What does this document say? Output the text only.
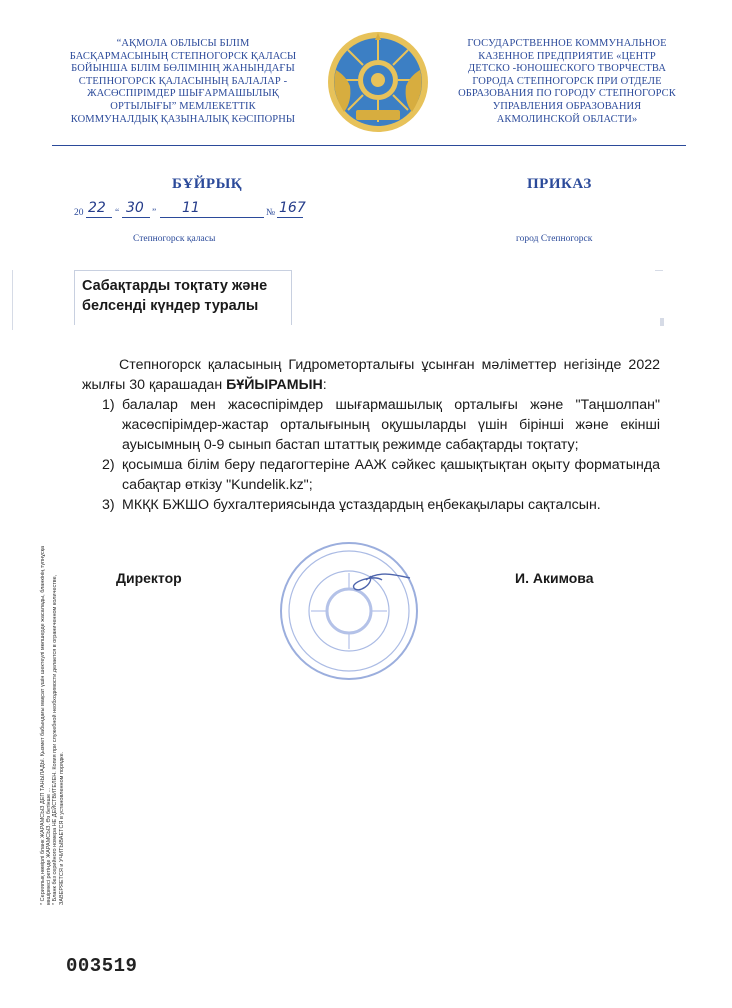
“АҚМОЛА ОБЛЫСЫ БІЛІМ
БАСҚАРМАСЫНЫҢ СТЕПНОГОРСК ҚАЛАСЫ
БОЙЫНША БІЛІМ БӨЛІМІНІҢ ЖАНЫНДАҒЫ
СТЕПНОГОРСК ҚАЛАСЫНЫҢ БАЛАЛАР -
ЖАСӨСПІРІМДЕР ШЫҒАРМАШЫЛЫҚ
ОРТЫЛЫҒЫ” МЕМЛЕКЕТТІК
КОММУНАЛДЫҚ ҚАЗЫНАЛЫҚ КӘСІПОРНЫ
ГОСУДАРСТВЕННОЕ КОММУНАЛЬНОЕ
КАЗЕННОЕ ПРЕДПРИЯТИЕ «ЦЕНТР
ДЕТСКО -ЮНОШЕСКОГО ТВОРЧЕСТВА
ГОРОДА СТЕПНОГОРСК ПРИ ОТДЕЛЕ
ОБРАЗОВАНИЯ ПО ГОРОДУ СТЕПНОГОРСК
УПРАВЛЕНИЯ ОБРАЗОВАНИЯ
АКМОЛИНСКОЙ ОБЛАСТИ»
БҰЙРЫҚ	ПРИКАЗ
20 22 “ 30 ” 11	№ 167
Степногорск қаласы	город Степногорск
Сабақтарды тоқтату және
белсенді күндер туралы

Степногорск қаласының Гидрометорталығы ұсынған мәліметтер негізінде 2022 жылғы 30 қарашадан БҰЙЫРАМЫН:

1) балалар мен жасөспірімдер шығармашылық орталығы және "Таңшолпан" жасөспірімдер-жастар орталығының оқушыларды үшін бірінші және екінші ауысымның 0-9 сынып бастап штаттық режимде сабақтарды тоқтату;

2) қосымша білім беру педагогтеріне ААЖ сәйкес қашықтықтан оқыту форматында сабақтар өткізу "Kundelik.kz";

3) МКҚК БЖШО бухгалтериясында ұстаздардың еңбекақылары сақталсын.

Директор	И. Акимова
* Сериялық нөмірлі бланк ЖАРАМСЫЗ ДЕП ТАНЫЛАДЫ. Қызмет бабындағы мақсат үшін шектеулі мөлшерде жасалады, бланкінің түпнұсқа көшірмесі ретінде ЖАРАМСЫЗ. Өз бетінше ... * Бланк без серийного номера НЕ ДЕЙСТВИТЕЛЕН. Копия при служебной необходимости делается в ограниченном количестве, ЗАВЕРЯЕТСЯ и УЧИТЫВАЕТСЯ в установленном порядке.
003519
